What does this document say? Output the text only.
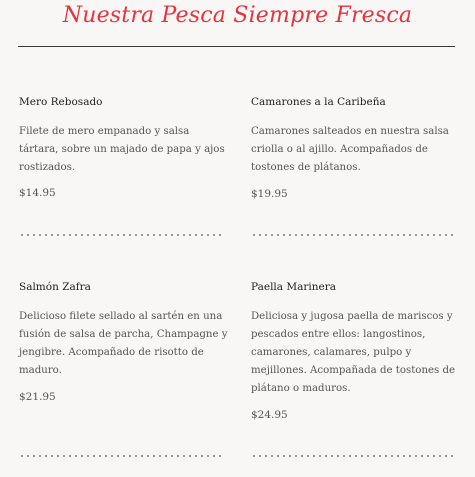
Nuestra Pesca Siempre Fresca

Mero Rebosado

Filete de mero empanado y salsa tártara, sobre un majado de papa y ajos rostizados.

$14.95

Camarones a la Caribeña

Camarones salteados en nuestra salsa criolla o al ajillo. Acompañados de tostones de plátanos.

$19.95

Salmón Zafra

Delicioso filete sellado al sartén en una fusión de salsa de parcha, Champagne y jengibre. Acompañado de risotto de maduro.

$21.95

Paella Marinera

Deliciosa y jugosa paella de mariscos y pescados entre ellos: langostinos, camarones, calamares, pulpo y mejillones. Acompañada de tostones de plátano o maduros.

$24.95
